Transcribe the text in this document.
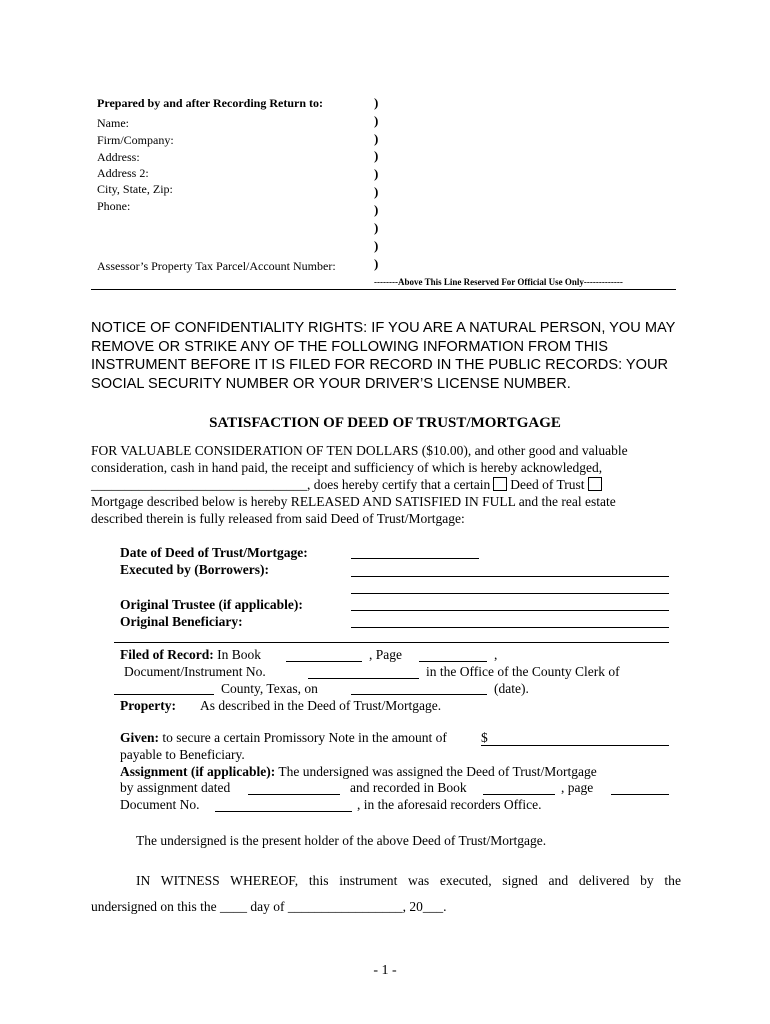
Prepared by and after Recording Return to:
Name:
Firm/Company:
Address:
Address 2:
City, State, Zip:
Phone:
Assessor’s Property Tax Parcel/Account Number:
)
)
)
)
)
)
)
)
)
)
--------Above This Line Reserved For Official Use Only-------------
NOTICE OF CONFIDENTIALITY RIGHTS: IF YOU ARE A NATURAL PERSON, YOU MAY REMOVE OR STRIKE ANY OF THE FOLLOWING INFORMATION FROM THIS INSTRUMENT BEFORE IT IS FILED FOR RECORD IN THE PUBLIC RECORDS: YOUR SOCIAL SECURITY NUMBER OR YOUR DRIVER’S LICENSE NUMBER.
SATISFACTION OF DEED OF TRUST/MORTGAGE
FOR VALUABLE CONSIDERATION OF TEN DOLLARS ($10.00), and other good and valuable
consideration, cash in hand paid, the receipt and sufficiency of which is hereby acknowledged,
________________________________, does hereby certify that a certain Deed of Trust
Mortgage described below is hereby RELEASED AND SATISFIED IN FULL and the real estate
described therein is fully released from said Deed of Trust/Mortgage:
Date of Deed of Trust/Mortgage:
Executed by (Borrowers):
Original Trustee (if applicable):
Original Beneficiary:
Filed of Record: In Book	, Page	,
Document/Instrument No.	in the Office of the County Clerk of
County, Texas, on	(date).
Property: As described in the Deed of Trust/Mortgage.
Given: to secure a certain Promissory Note in the amount of	$
payable to Beneficiary.
Assignment (if applicable): The undersigned was assigned the Deed of Trust/Mortgage
by assignment dated	and recorded in Book	, page
Document No.	, in the aforesaid recorders Office.
The undersigned is the present holder of the above Deed of Trust/Mortgage.
IN WITNESS WHEREOF, this instrument was executed, signed and delivered by the
undersigned on this the ____ day of _________________, 20___.
- 1 -
